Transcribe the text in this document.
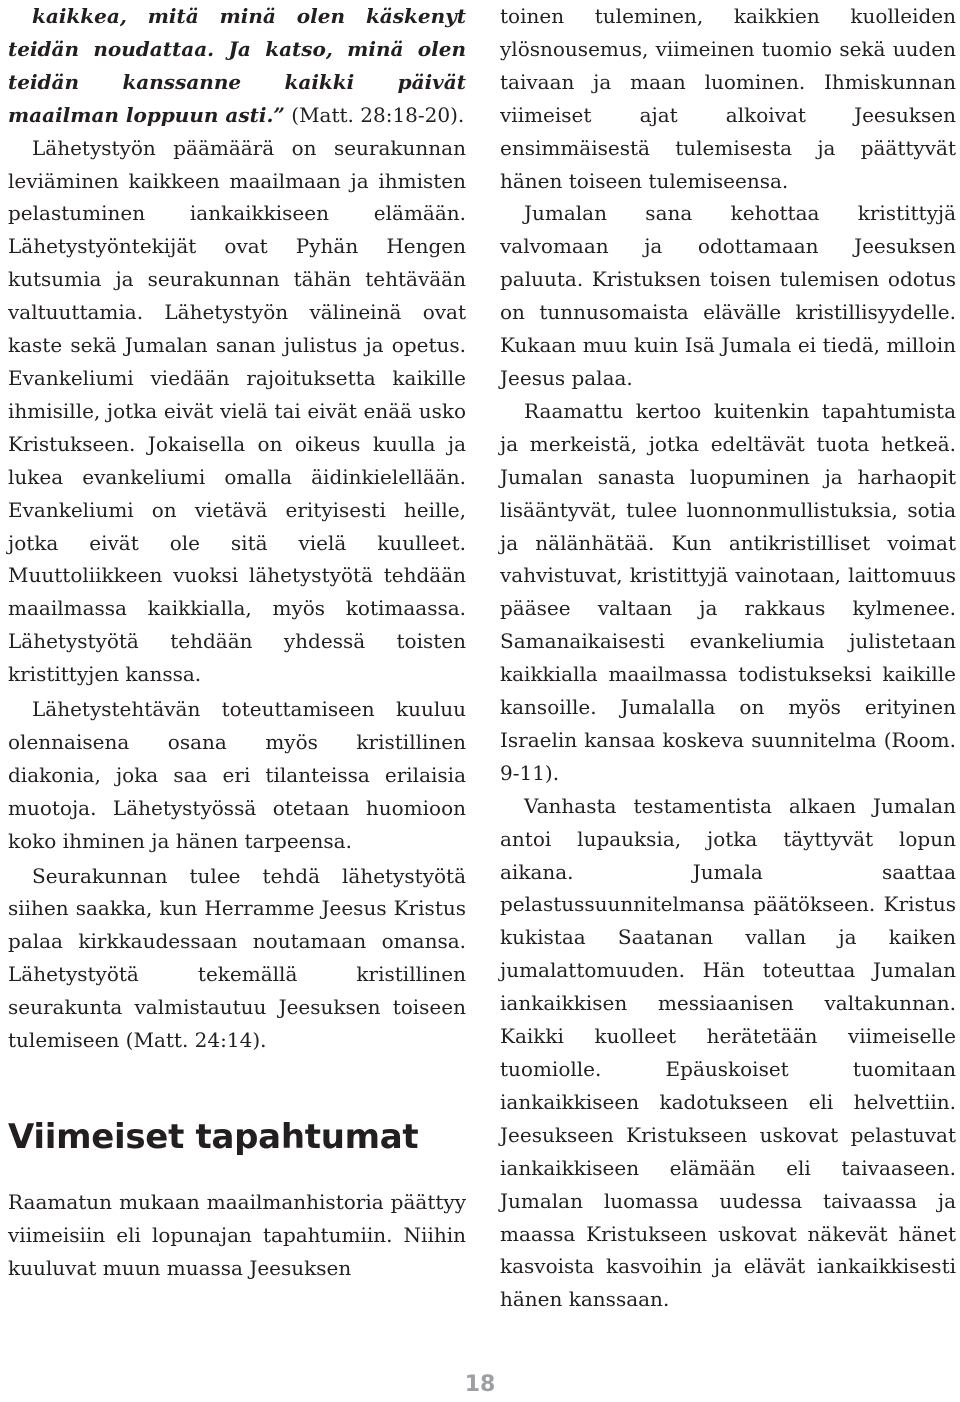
kaikkea, mitä minä olen käskenyt teidän noudattaa. Ja katso, minä olen teidän kanssanne kaikki päivät maailman loppuun asti.” (Matt. 28:18-20).

Lähetystyön päämäärä on seurakunnan leviäminen kaikkeen maailmaan ja ihmisten pelastuminen iankaikkiseen elämään. Lähetystyöntekijät ovat Pyhän Hengen kutsumia ja seurakunnan tähän tehtävään valtuuttamia. Lähetystyön välineinä ovat kaste sekä Jumalan sanan julistus ja opetus. Evankeliumi viedään rajoituksetta kaikille ihmisille, jotka eivät vielä tai eivät enää usko Kristukseen. Jokaisella on oikeus kuulla ja lukea evankeliumi omalla äidinkielellään. Evankeliumi on vietävä erityisesti heille, jotka eivät ole sitä vielä kuulleet. Muuttoliikkeen vuoksi lähetystyötä tehdään maailmassa kaikkialla, myös kotimaassa. Lähetystyötä tehdään yhdessä toisten kristittyjen kanssa.

Lähetystehtävän toteuttamiseen kuuluu olennaisena osana myös kristillinen diakonia, joka saa eri tilanteissa erilaisia muotoja. Lähetystyössä otetaan huomioon koko ihminen ja hänen tarpeensa.

Seurakunnan tulee tehdä lähetystyötä siihen saakka, kun Herramme Jeesus Kristus palaa kirkkaudessaan noutamaan omansa. Lähetystyötä tekemällä kristillinen seurakunta valmistautuu Jeesuksen toiseen tulemiseen (Matt. 24:14).

Viimeiset tapahtumat

Raamatun mukaan maailmanhistoria päättyy viimeisiin eli lopunajan tapahtumiin. Niihin kuuluvat muun muassa Jeesuksen

toinen tuleminen, kaikkien kuolleiden ylösnousemus, viimeinen tuomio sekä uuden taivaan ja maan luominen. Ihmiskunnan viimeiset ajat alkoivat Jeesuksen ensimmäisestä tulemisesta ja päättyvät hänen toiseen tulemiseensa.

Jumalan sana kehottaa kristittyjä valvomaan ja odottamaan Jeesuksen paluuta. Kristuksen toisen tulemisen odotus on tunnusomaista elävälle kristillisyydelle. Kukaan muu kuin Isä Jumala ei tiedä, milloin Jeesus palaa.

Raamattu kertoo kuitenkin tapahtumista ja merkeistä, jotka edeltävät tuota hetkeä. Jumalan sanasta luopuminen ja harhaopit lisääntyvät, tulee luonnonmullistuksia, sotia ja nälänhätää. Kun antikristilliset voimat vahvistuvat, kristittyjä vainotaan, laittomuus pääsee valtaan ja rakkaus kylmenee. Samanaikaisesti evankeliumia julistetaan kaikkialla maailmassa todistukseksi kaikille kansoille. Jumalalla on myös erityinen Israelin kansaa koskeva suunnitelma (Room. 9-11).

Vanhasta testamentista alkaen Jumalan antoi lupauksia, jotka täyttyvät lopun aikana. Jumala saattaa pelastussuunnitelmansa päätökseen. Kristus kukistaa Saatanan vallan ja kaiken jumalattomuuden. Hän toteuttaa Jumalan iankaikkisen messiaanisen valtakunnan. Kaikki kuolleet herätetään viimeiselle tuomiolle. Epäuskoiset tuomitaan iankaikkiseen kadotukseen eli helvettiin. Jeesukseen Kristukseen uskovat pelastuvat iankaikkiseen elämään eli taivaaseen. Jumalan luomassa uudessa taivaassa ja maassa Kristukseen uskovat näkevät hänet kasvoista kasvoihin ja elävät iankaikkisesti hänen kanssaan.

18
